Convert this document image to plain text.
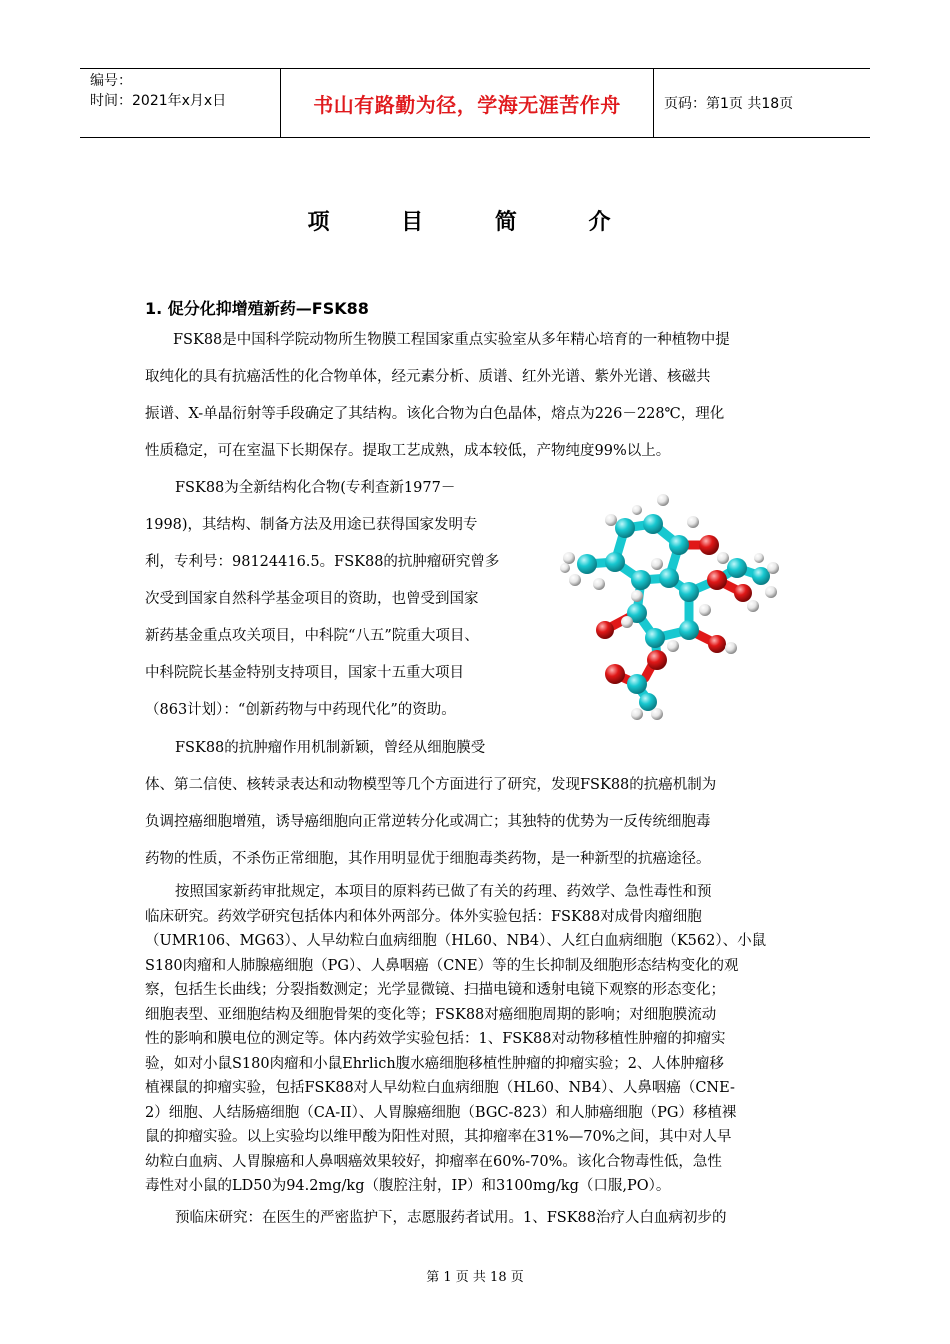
编号：
时间：2021年x月x日	书山有路勤为径，学海无涯苦作舟	页码：第1页 共18页
项 目 简 介
1. 促分化抑增殖新药—FSK88
FSK88是中国科学院动物所生物膜工程国家重点实验室从多年精心培育的一种植物中提
取纯化的具有抗癌活性的化合物单体，经元素分析、质谱、红外光谱、紫外光谱、核磁共
振谱、X-单晶衍射等手段确定了其结构。该化合物为白色晶体，熔点为226－228℃，理化
性质稳定，可在室温下长期保存。提取工艺成熟，成本较低，产物纯度99%以上。
FSK88为全新结构化合物(专利查新1977－
1998)，其结构、制备方法及用途已获得国家发明专
利，专利号：98124416.5。FSK88的抗肿瘤研究曾多
次受到国家自然科学基金项目的资助，也曾受到国家
新药基金重点攻关项目，中科院“八五”院重大项目、
中科院院长基金特别支持项目，国家十五重大项目
（863计划）：“创新药物与中药现代化”的资助。
FSK88的抗肿瘤作用机制新颖，曾经从细胞膜受
体、第二信使、核转录表达和动物模型等几个方面进行了研究，发现FSK88的抗癌机制为
负调控癌细胞增殖，诱导癌细胞向正常逆转分化或凋亡；其独特的优势为一反传统细胞毒
药物的性质，不杀伤正常细胞，其作用明显优于细胞毒类药物，是一种新型的抗癌途径。
按照国家新药审批规定，本项目的原料药已做了有关的药理、药效学、急性毒性和预
临床研究。药效学研究包括体内和体外两部分。体外实验包括：FSK88对成骨肉瘤细胞
（UMR106、MG63）、人早幼粒白血病细胞（HL60、NB4）、人红白血病细胞（K562）、小鼠
S180肉瘤和人肺腺癌细胞（PG）、人鼻咽癌（CNE）等的生长抑制及细胞形态结构变化的观
察，包括生长曲线；分裂指数测定；光学显微镜、扫描电镜和透射电镜下观察的形态变化；
细胞表型、亚细胞结构及细胞骨架的变化等；FSK88对癌细胞周期的影响；对细胞膜流动
性的影响和膜电位的测定等。体内药效学实验包括：1、FSK88对动物移植性肿瘤的抑瘤实
验，如对小鼠S180肉瘤和小鼠Ehrlich腹水癌细胞移植性肿瘤的抑瘤实验；2、人体肿瘤移
植裸鼠的抑瘤实验，包括FSK88对人早幼粒白血病细胞（HL60、NB4）、人鼻咽癌（CNE-
2）细胞、人结肠癌细胞（CA-II）、人胃腺癌细胞（BGC-823）和人肺癌细胞（PG）移植裸
鼠的抑瘤实验。以上实验均以维甲酸为阳性对照，其抑瘤率在31%—70%之间，其中对人早
幼粒白血病、人胃腺癌和人鼻咽癌效果较好，抑瘤率在60%-70%。该化合物毒性低，急性
毒性对小鼠的LD50为94.2mg/kg（腹腔注射，IP）和3100mg/kg（口服,PO）。
预临床研究：在医生的严密监护下，志愿服药者试用。1、FSK88治疗人白血病初步的
第 1 页 共 18 页
